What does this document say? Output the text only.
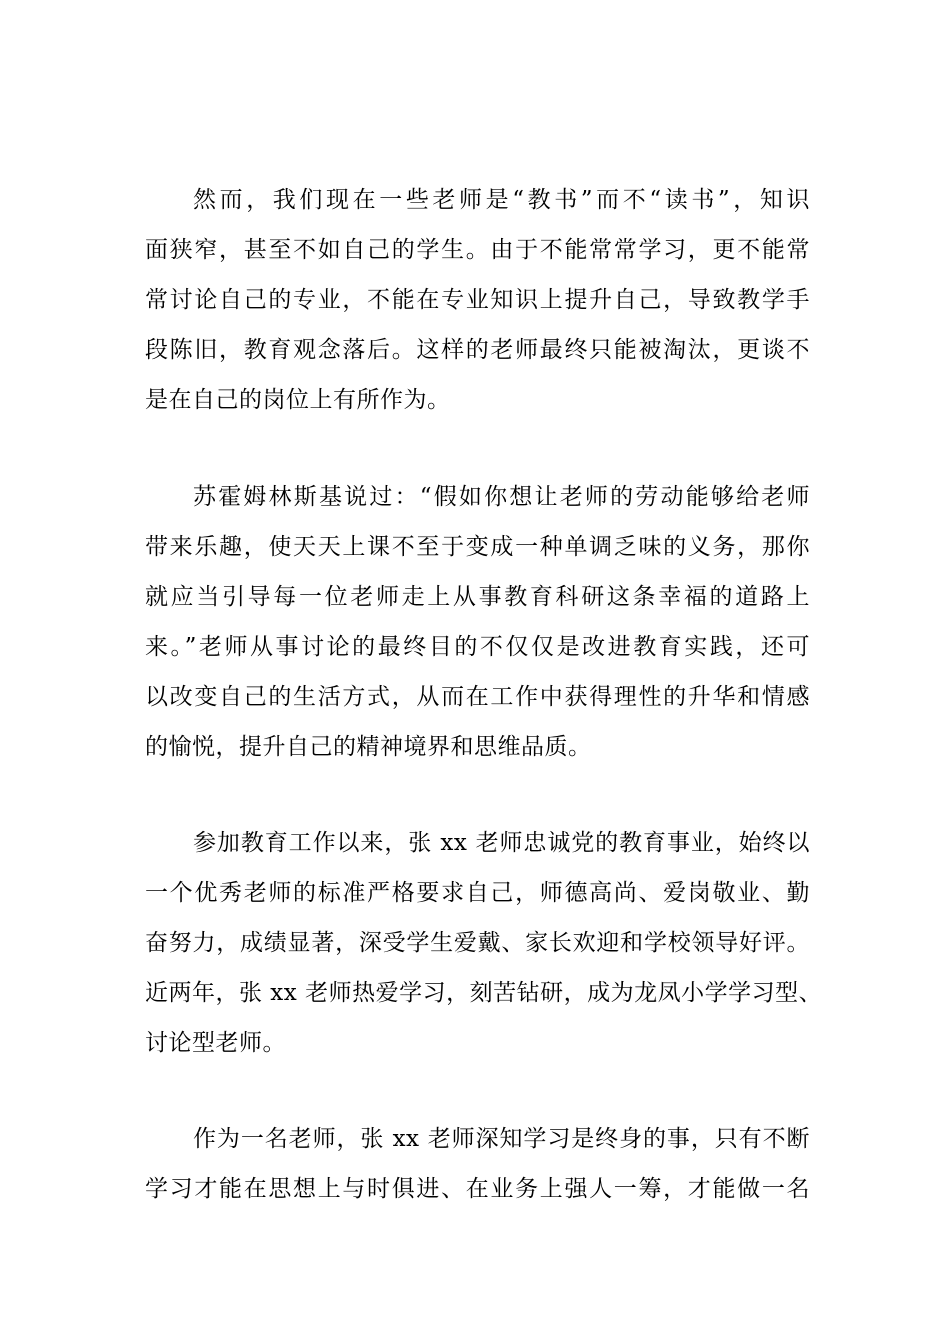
然而，我们现在一些老师是“教书”而不“读书”，知识
面狭窄，甚至不如自己的学生。由于不能常常学习，更不能常
常讨论自己的专业，不能在专业知识上提升自己，导致教学手
段陈旧，教育观念落后。这样的老师最终只能被淘汰，更谈不
是在自己的岗位上有所作为。
苏霍姆林斯基说过：“假如你想让老师的劳动能够给老师
带来乐趣，使天天上课不至于变成一种单调乏味的义务，那你
就应当引导每一位老师走上从事教育科研这条幸福的道路上
来。”老师从事讨论的最终目的不仅仅是改进教育实践，还可
以改变自己的生活方式，从而在工作中获得理性的升华和情感
的愉悦，提升自己的精神境界和思维品质。
参加教育工作以来，张 xx 老师忠诚党的教育事业，始终以
一个优秀老师的标准严格要求自己，师德高尚、爱岗敬业、勤
奋努力，成绩显著，深受学生爱戴、家长欢迎和学校领导好评。
近两年，张 xx 老师热爱学习，刻苦钻研，成为龙凤小学学习型、
讨论型老师。
作为一名老师，张 xx 老师深知学习是终身的事，只有不断
学习才能在思想上与时俱进、在业务上强人一筹，才能做一名
